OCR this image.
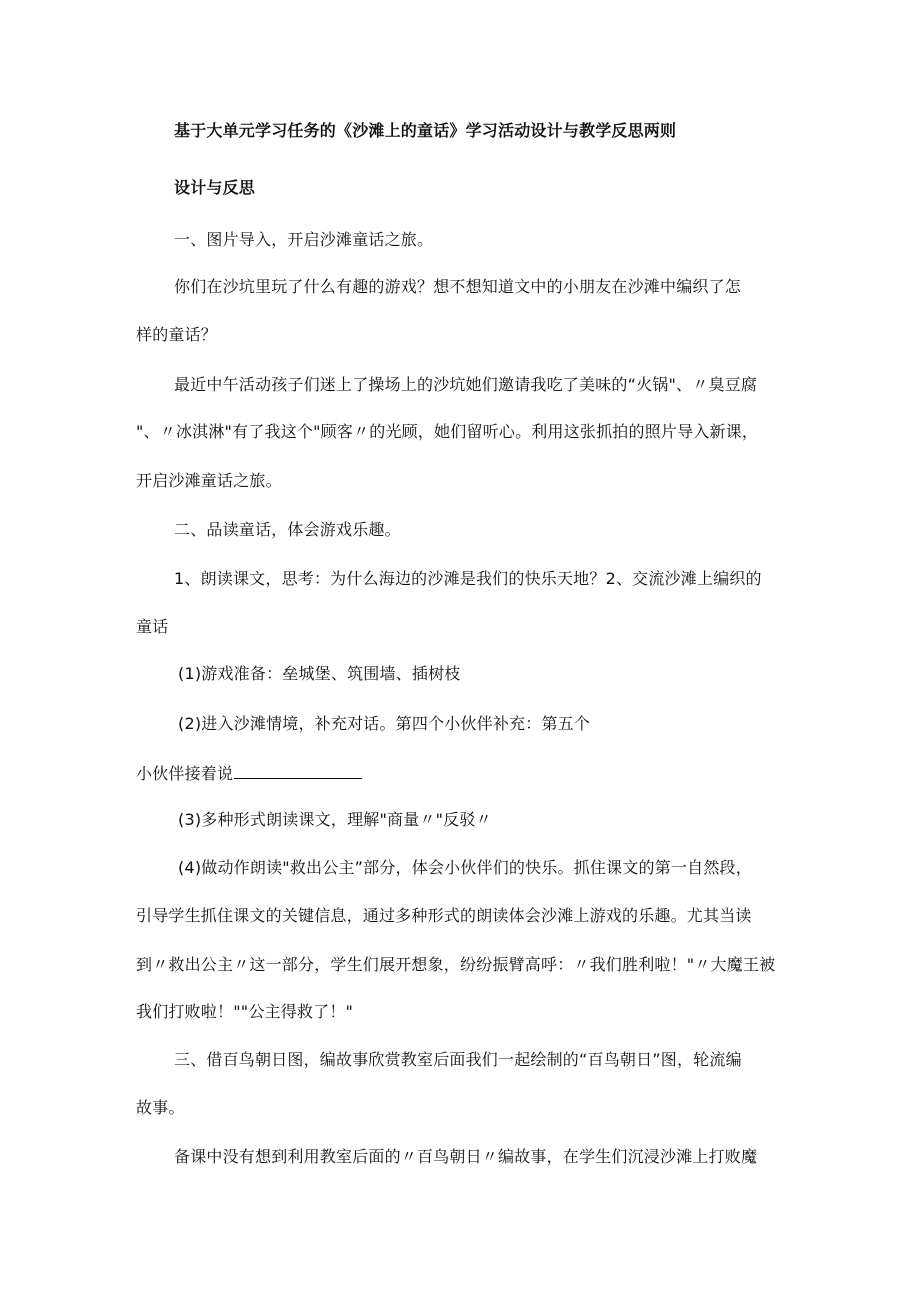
基于大单元学习任务的《沙滩上的童话》学习活动设计与教学反思两则
设计与反思
一、图片导入，开启沙滩童话之旅。
你们在沙坑里玩了什么有趣的游戏？想不想知道文中的小朋友在沙滩中编织了怎
样的童话？
最近中午活动孩子们迷上了操场上的沙坑她们邀请我吃了美味的“火锅"、〃臭豆腐
"、〃冰淇淋"有了我这个"顾客〃的光顾，她们留听心。利用这张抓拍的照片导入新课，
开启沙滩童话之旅。
二、品读童话，体会游戏乐趣。
1、朗读课文，思考：为什么海边的沙滩是我们的快乐天地？2、交流沙滩上编织的
童话
(1)游戏准备：垒城堡、筑围墙、插树枝
(2)进入沙滩情境，补充对话。第四个小伙伴补充：第五个
小伙伴接着说
(3)多种形式朗读课文，理解"商量〃"反驳〃
(4)做动作朗读"救出公主”部分，体会小伙伴们的快乐。抓住课文的第一自然段，
引导学生抓住课文的关键信息，通过多种形式的朗读体会沙滩上游戏的乐趣。尤其当读
到〃救出公主〃这一部分，学生们展开想象，纷纷振臂高呼：〃我们胜利啦！"〃大魔王被
我们打败啦！""公主得救了！"
三、借百鸟朝日图，编故事欣赏教室后面我们一起绘制的“百鸟朝日”图，轮流编
故事。
备课中没有想到利用教室后面的〃百鸟朝日〃编故事，在学生们沉浸沙滩上打败魔
